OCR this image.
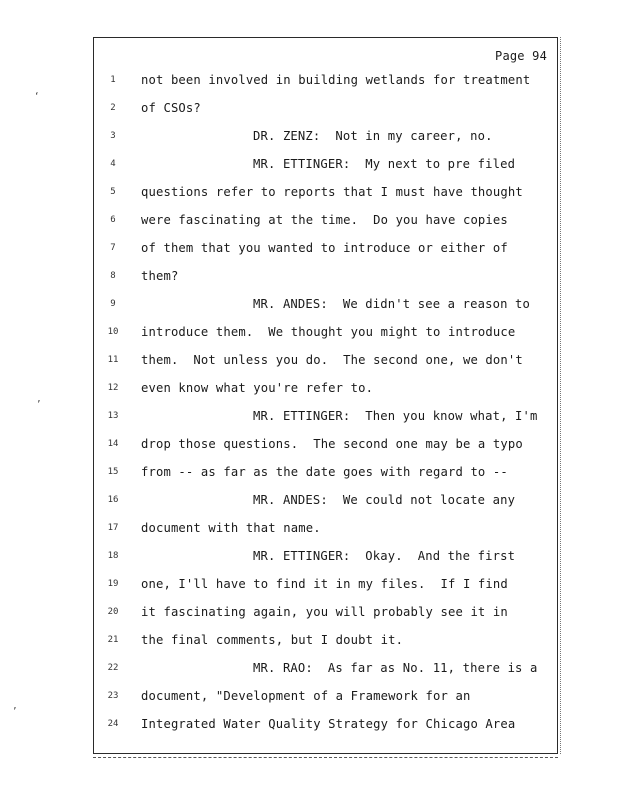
Page 94
1	not been involved in building wetlands for treatment
2	of CSOs?
3	DR. ZENZ:  Not in my career, no.
4	MR. ETTINGER:  My next to pre filed
5	questions refer to reports that I must have thought
6	were fascinating at the time.  Do you have copies
7	of them that you wanted to introduce or either of
8	them?
9	MR. ANDES:  We didn't see a reason to
10	introduce them.  We thought you might to introduce
11	them.  Not unless you do.  The second one, we don't
12	even know what you're refer to.
13	MR. ETTINGER:  Then you know what, I'm
14	drop those questions.  The second one may be a typo
15	from -- as far as the date goes with regard to --
16	MR. ANDES:  We could not locate any
17	document with that name.
18	MR. ETTINGER:  Okay.  And the first
19	one, I'll have to find it in my files.  If I find
20	it fascinating again, you will probably see it in
21	the final comments, but I doubt it.
22	MR. RAO:  As far as No. 11, there is a
23	document, "Development of a Framework for an
24	Integrated Water Quality Strategy for Chicago Area
‘
’
’
